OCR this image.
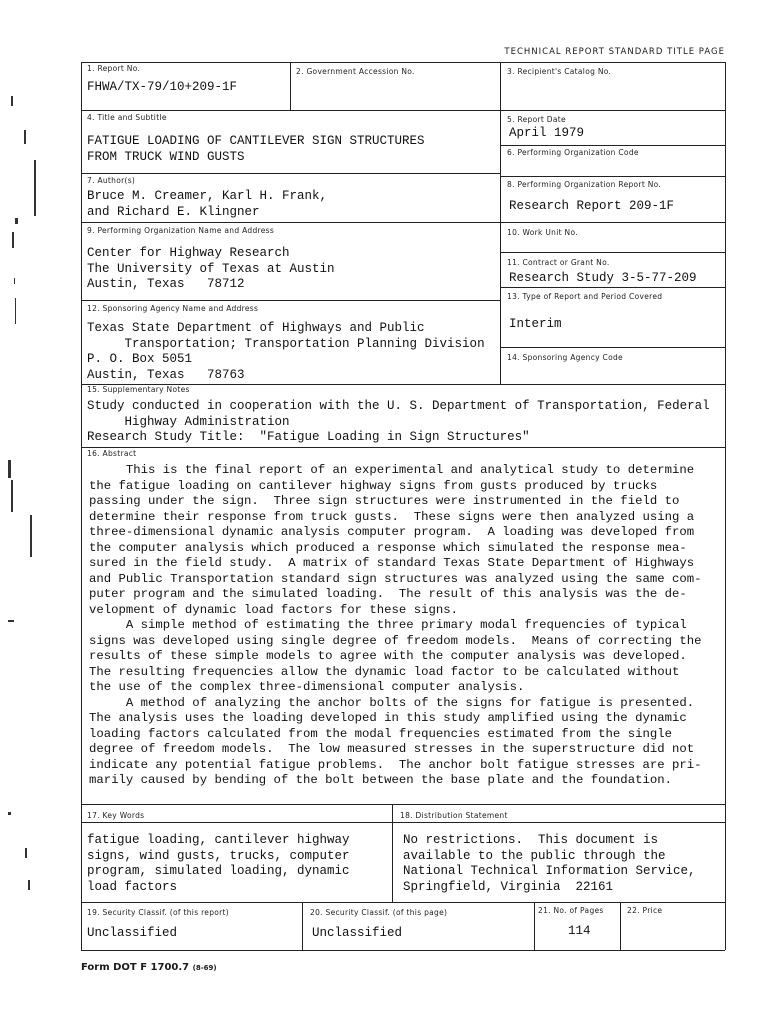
TECHNICAL REPORT STANDARD TITLE PAGE
1. Report No.
FHWA/TX-79/10+209-1F
2. Government Accession No.	3. Recipient's Catalog No.
4. Title and Subtitle
FATIGUE LOADING OF CANTILEVER SIGN STRUCTURES
FROM TRUCK WIND GUSTS
5. Report Date
April 1979
6. Performing Organization Code
7. Author(s)
Bruce M. Creamer, Karl H. Frank,
and Richard E. Klingner
8. Performing Organization Report No.
Research Report 209-1F
9. Performing Organization Name and Address
Center for Highway Research
The University of Texas at Austin
Austin, Texas   78712
10. Work Unit No.
11. Contract or Grant No.
Research Study 3-5-77-209
13. Type of Report and Period Covered
Interim
12. Sponsoring Agency Name and Address
Texas State Department of Highways and Public
Transportation; Transportation Planning Division
P. O. Box 5051
Austin, Texas   78763
14. Sponsoring Agency Code
15. Supplementary Notes
Study conducted in cooperation with the U. S. Department of Transportation, Federal
Highway Administration
Research Study Title:  "Fatigue Loading in Sign Structures"
16. Abstract
This is the final report of an experimental and analytical study to determine
the fatigue loading on cantilever highway signs from gusts produced by trucks
passing under the sign.  Three sign structures were instrumented in the field to
determine their response from truck gusts.  These signs were then analyzed using a
three-dimensional dynamic analysis computer program.  A loading was developed from
the computer analysis which produced a response which simulated the response mea-
sured in the field study.  A matrix of standard Texas State Department of Highways
and Public Transportation standard sign structures was analyzed using the same com-
puter program and the simulated loading.  The result of this analysis was the de-
velopment of dynamic load factors for these signs.
A simple method of estimating the three primary modal frequencies of typical
signs was developed using single degree of freedom models.  Means of correcting the
results of these simple models to agree with the computer analysis was developed.
The resulting frequencies allow the dynamic load factor to be calculated without
the use of the complex three-dimensional computer analysis.
A method of analyzing the anchor bolts of the signs for fatigue is presented.
The analysis uses the loading developed in this study amplified using the dynamic
loading factors calculated from the modal frequencies estimated from the single
degree of freedom models.  The low measured stresses in the superstructure did not
indicate any potential fatigue problems.  The anchor bolt fatigue stresses are pri-
marily caused by bending of the bolt between the base plate and the foundation.
17. Key Words
fatigue loading, cantilever highway
signs, wind gusts, trucks, computer
program, simulated loading, dynamic
load factors
18. Distribution Statement
No restrictions.  This document is
available to the public through the
National Technical Information Service,
Springfield, Virginia  22161
19. Security Classif. (of this report)
Unclassified
20. Security Classif. (of this page)
Unclassified
21. No. of Pages
114
22. Price
Form DOT F 1700.7 (8-69)
